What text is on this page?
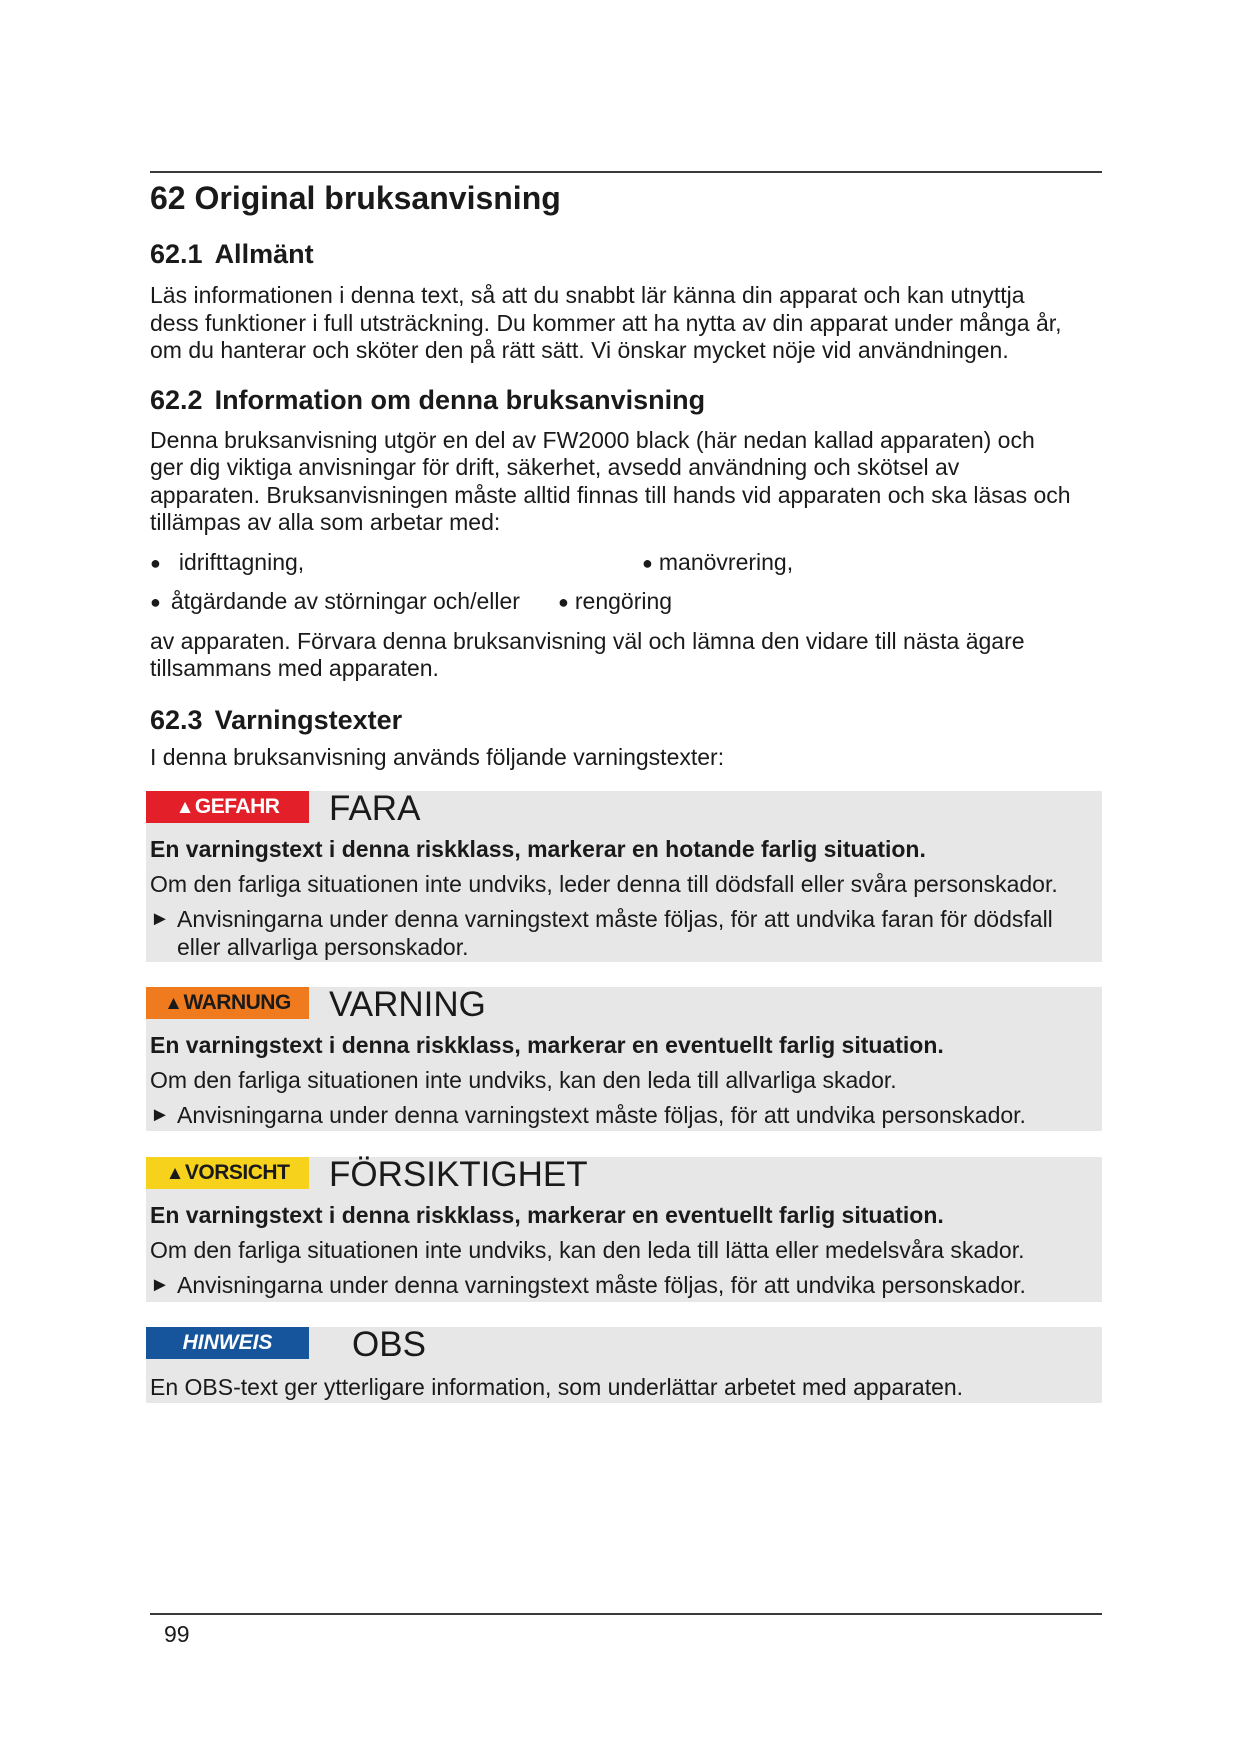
62 Original bruksanvisning
62.1 Allmänt

Läs informationen i denna text, så att du snabbt lär känna din apparat och kan utnyttja
dess funktioner i full utsträckning. Du kommer att ha nytta av din apparat under många år,
om du hanterar och sköter den på rätt sätt. Vi önskar mycket nöje vid användningen.

62.2 Information om denna bruksanvisning

Denna bruksanvisning utgör en del av FW2000 black (här nedan kallad apparaten) och
ger dig viktiga anvisningar för drift, säkerhet, avsedd användning och skötsel av
apparaten. Bruksanvisningen måste alltid finnas till hands vid apparaten och ska läsas och
tillämpas av alla som arbetar med:

● idrifttagning,	● manövrering,
● åtgärdande av störningar och/eller ● rengöring

av apparaten. Förvara denna bruksanvisning väl och lämna den vidare till nästa ägare
tillsammans med apparaten.

62.3 Varningstexter

I denna bruksanvisning används följande varningstexter:

▲GEFAHR	FARA

En varningstext i denna riskklass, markerar en hotande farlig situation.

Om den farliga situationen inte undviks, leder denna till dödsfall eller svåra personskador.

► Anvisningarna under denna varningstext måste följas, för att undvika faran för dödsfall
eller allvarliga personskador.

▲WARNUNG	VARNING

En varningstext i denna riskklass, markerar en eventuellt farlig situation.

Om den farliga situationen inte undviks, kan den leda till allvarliga skador.

► Anvisningarna under denna varningstext måste följas, för att undvika personskador.

▲VORSICHT	FÖRSIKTIGHET

En varningstext i denna riskklass, markerar en eventuellt farlig situation.

Om den farliga situationen inte undviks, kan den leda till lätta eller medelsvåra skador.

► Anvisningarna under denna varningstext måste följas, för att undvika personskador.

HINWEIS	OBS

En OBS-text ger ytterligare information, som underlättar arbetet med apparaten.

99
